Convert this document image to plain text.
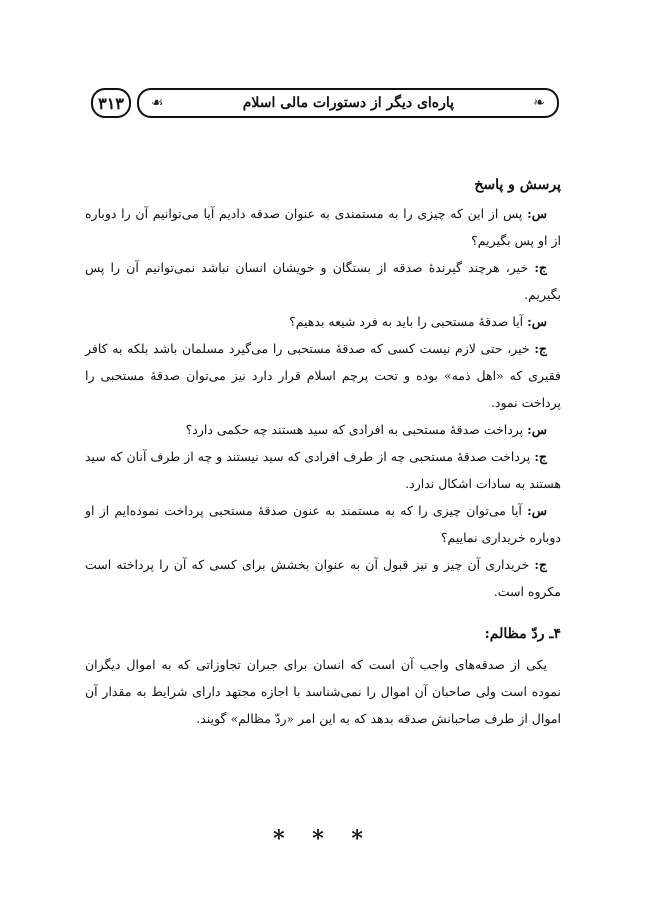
۳۱۳	☙	پاره‌ای دیگر از دستورات مالی اسلام	❧

پرسش و پاسخ

س: پس از این که چیزی را به مستمندی به عنوان صدقه دادیم آیا می‌توانیم آن را دوباره از او پس بگیریم؟

ج: خیر، هرچند گیرندهٔ صدقه از بستگان و خویشان انسان نباشد نمی‌توانیم آن را پس بگیریم.

س: آیا صدقهٔ مستحبی را باید به فرد شیعه بدهیم؟

ج: خیر، حتی لازم نیست کسی که صدقهٔ مستحبی را می‌گیرد مسلمان باشد بلکه به کافر فقیری که «اهل ذمه» بوده و تحت پرچم اسلام قرار دارد نیز می‌توان صدقهٔ مستحبی را پرداخت نمود.

س: پرداخت صدقهٔ مستحبی به افرادی که سید هستند چه حکمی دارد؟

ج: پرداخت صدقهٔ مستحبی چه از طرف افرادی که سید نیستند و چه از طرف آنان که سید هستند به سادات اشکال ندارد.

س: آیا می‌توان چیزی را که به مستمند به عنون صدقهٔ مستحبی پرداخت نموده‌ایم از او دوباره خریداری نماییم؟

ج: خریداری آن چیز و نیز قبول آن به عنوان بخشش برای کسی که آن را پرداخته است مکروه است.

۴ـ ردّ مظالم:

یکی از صدقه‌های واجب آن است که انسان برای جبران تجاوزاتی که به اموال دیگران نموده است ولی صاحبان آن اموال را نمی‌شناسد با اجازه مجتهد دارای شرایط به مقدار آن اموال از طرف صاحبانش صدقه بدهد که به این امر «ردّ مظالم» گویند.

* * *
